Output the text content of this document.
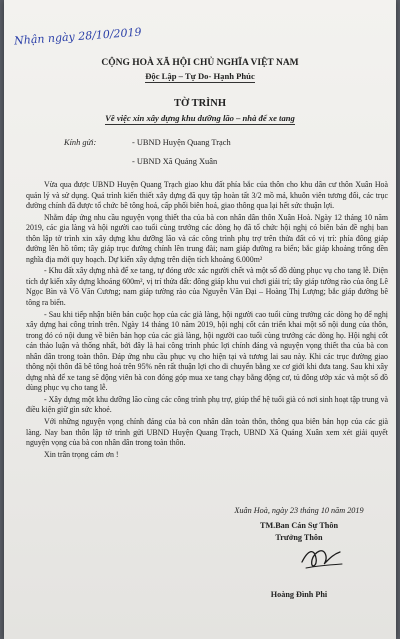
Nhận ngày 28/10/2019
CỘNG HOÀ XÃ HỘI CHỦ NGHĨA VIỆT NAM
Độc Lập – Tự Do- Hạnh Phúc
TỜ TRÌNH
Về việc xin xây dựng khu dưỡng lão – nhà để xe tang
Kính gửi:	- UBND Huyện Quang Trạch
- UBND Xã Quảng Xuân

Vừa qua được UBND Huyện Quang Trạch giao khu đất phía bắc của thôn cho khu dân cư thôn Xuân Hoà quản lý và sử dụng. Quá trình kiến thiết xây dựng đã quy tập hoàn tất 3/2 mồ mả, khuôn viên tương đối, các trục đường chính đã được tổ chức bê tông hoá, cấp phối biên hoá, giao thông qua lại hết sức thuận lợi.

Nhằm đáp ứng nhu cầu nguyện vọng thiết tha của bà con nhân dân thôn Xuân Hoà. Ngày 12 tháng 10 năm 2019, các gia làng và hội người cao tuổi cùng trưởng các dòng họ đã tổ chức hội nghị có biên bản đề nghị ban thôn lập tờ trình xin xây dựng khu dưỡng lão và các công trình phụ trợ trên thửa đất có vị trí: phía đông giáp đường lên hồ tôm; tây giáp trục đường chính lên trung đài; nam giáp đường ra biển; bắc giáp khoảng trống dền nghĩa địa mới quy hoạch. Dự kiến xây dựng trên diện tích khoảng 6.000m²

- Khu đất xây dựng nhà để xe tang, tự đóng ước xác người chết và một số đồ dùng phục vụ cho tang lễ. Diện tích dự kiến xây dựng khoảng 600m², vị trí thửa đất: đông giáp khu vui chơi giải trí; tây giáp tường rào của ông Lê Ngọc Bìn và Võ Văn Cương; nam giáp tường rào của Nguyễn Văn Đại – Hoàng Thị Lượng; bắc giáp đường bê tông ra biển.

- Sau khi tiếp nhận biên bản cuộc họp của các già làng, hội người cao tuổi cùng trưởng các dòng họ để nghị xây dựng hai công trình trên. Ngày 14 tháng 10 năm 2019, hội nghị cốt cán triển khai một số nội dung của thôn, trong đó có nội dung về biên bản họp của các già làng, hội người cao tuổi cùng trưởng các dòng họ. Hội nghị cốt cán thảo luận và thống nhất, bởi đây là hai công trình phúc lợi chính đáng và nguyện vọng thiết tha của bà con nhân dân trong toàn thôn. Đáp ứng nhu cầu phục vụ cho hiện tại và tương lai sau này. Khi các trục đường giao thông nội thôn đã bê tông hoá trên 95% nên rất thuận lợi cho di chuyển bằng xe cơ giới khi đưa tang. Sau khi xây dựng nhà để xe tang sẽ động viên bà con đóng góp mua xe tang chạy bằng động cơ, tủ đông ướp xác và một số đồ dùng phục vụ cho tang lễ.

- Xây dựng một khu dưỡng lão cùng các công trình phụ trợ, giúp thể hệ tuổi già có nơi sinh hoạt tập trung và điều kiện giữ gìn sức khoẻ.

Với những nguyện vọng chính đáng của bà con nhân dân toàn thôn, thông qua biên bản họp của các già làng. Nay ban thôn lập tờ trình gửi UBND Huyện Quang Trạch, UBND Xã Quảng Xuân xem xét giải quyết nguyện vọng của bà con nhân dân trong toàn thôn.

Xin trân trọng cám ơn !

Xuân Hoà, ngày 23 tháng 10 năm 2019
TM.Ban Cán Sự Thôn
Trưởng Thôn
Hoàng Đình Phi
